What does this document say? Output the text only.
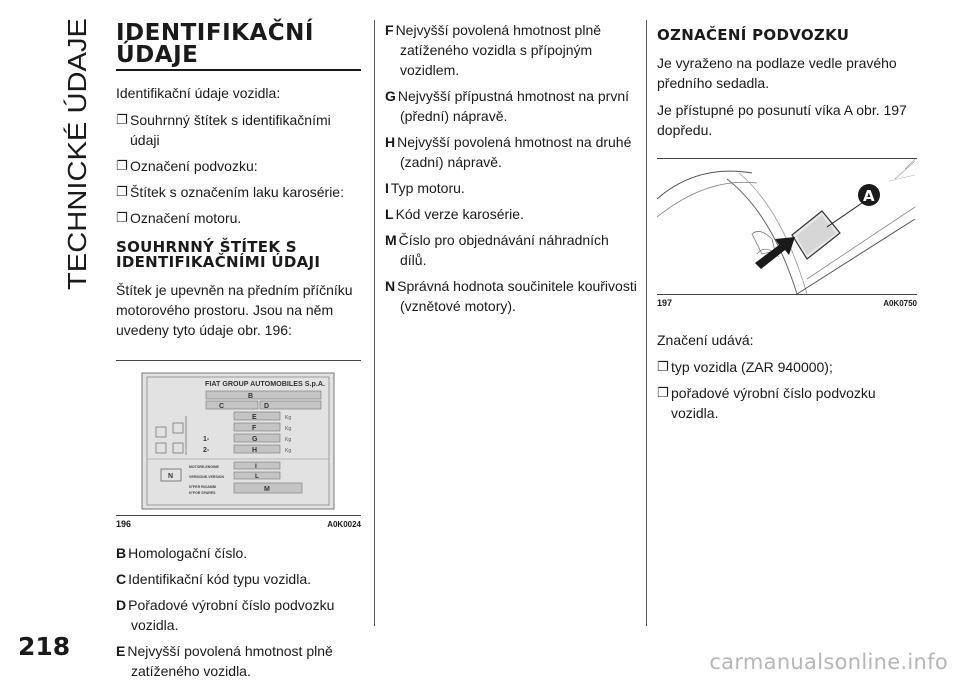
TECHNICKÉ ÚDAJE
IDENTIFIKAČNÍ ÚDAJE

Identifikační údaje vozidla:

❐ Souhrnný štítek s identifikačními údaji
❐ Označení podvozku:
❐ Štítek s označením laku karosérie:
❐ Označení motoru.
SOUHRNNÝ ŠTÍTEK S IDENTIFIKAČNÍMI ÚDAJI

Štítek je upevněn na předním příčníku motorového prostoru. Jsou na něm uvedeny tyto údaje obr. 196:

FIAT GROUP AUTOMOBILES S.p.A.
B
C	D
E	Kg
F	Kg
1-	G	Kg
2-	H	Kg
N
MOTORE-ENGINE	I
VERSIONE-VERSION	L
N°PER RICAMBI
N°FOR SPARES	M
196	A0K0024
B Homologační číslo.
C Identifikační kód typu vozidla.
D Pořadové výrobní číslo podvozku vozidla.
E Nejvyšší povolená hmotnost plně zatíženého vozidla.
F Nejvyšší povolená hmotnost plně zatíženého vozidla s přípojným vozidlem.
G Nejvyšší přípustná hmotnost na první (přední) nápravě.
H Nejvyšší povolená hmotnost na druhé (zadní) nápravě.
I Typ motoru.
L Kód verze karosérie.
M Číslo pro objednávání náhradních dílů.
N Správná hodnota součinitele kouřivosti (vznětové motory).
OZNAČENÍ PODVOZKU

Je vyraženo na podlaze vedle pravého předního sedadla.

Je přístupné po posunutí víka A obr. 197 dopředu.

A
197	A0K0750

Značení udává:

❐ typ vozidla (ZAR 940000);
❐ pořadové výrobní číslo podvozku vozidla.
218
carmanualsonline.info
